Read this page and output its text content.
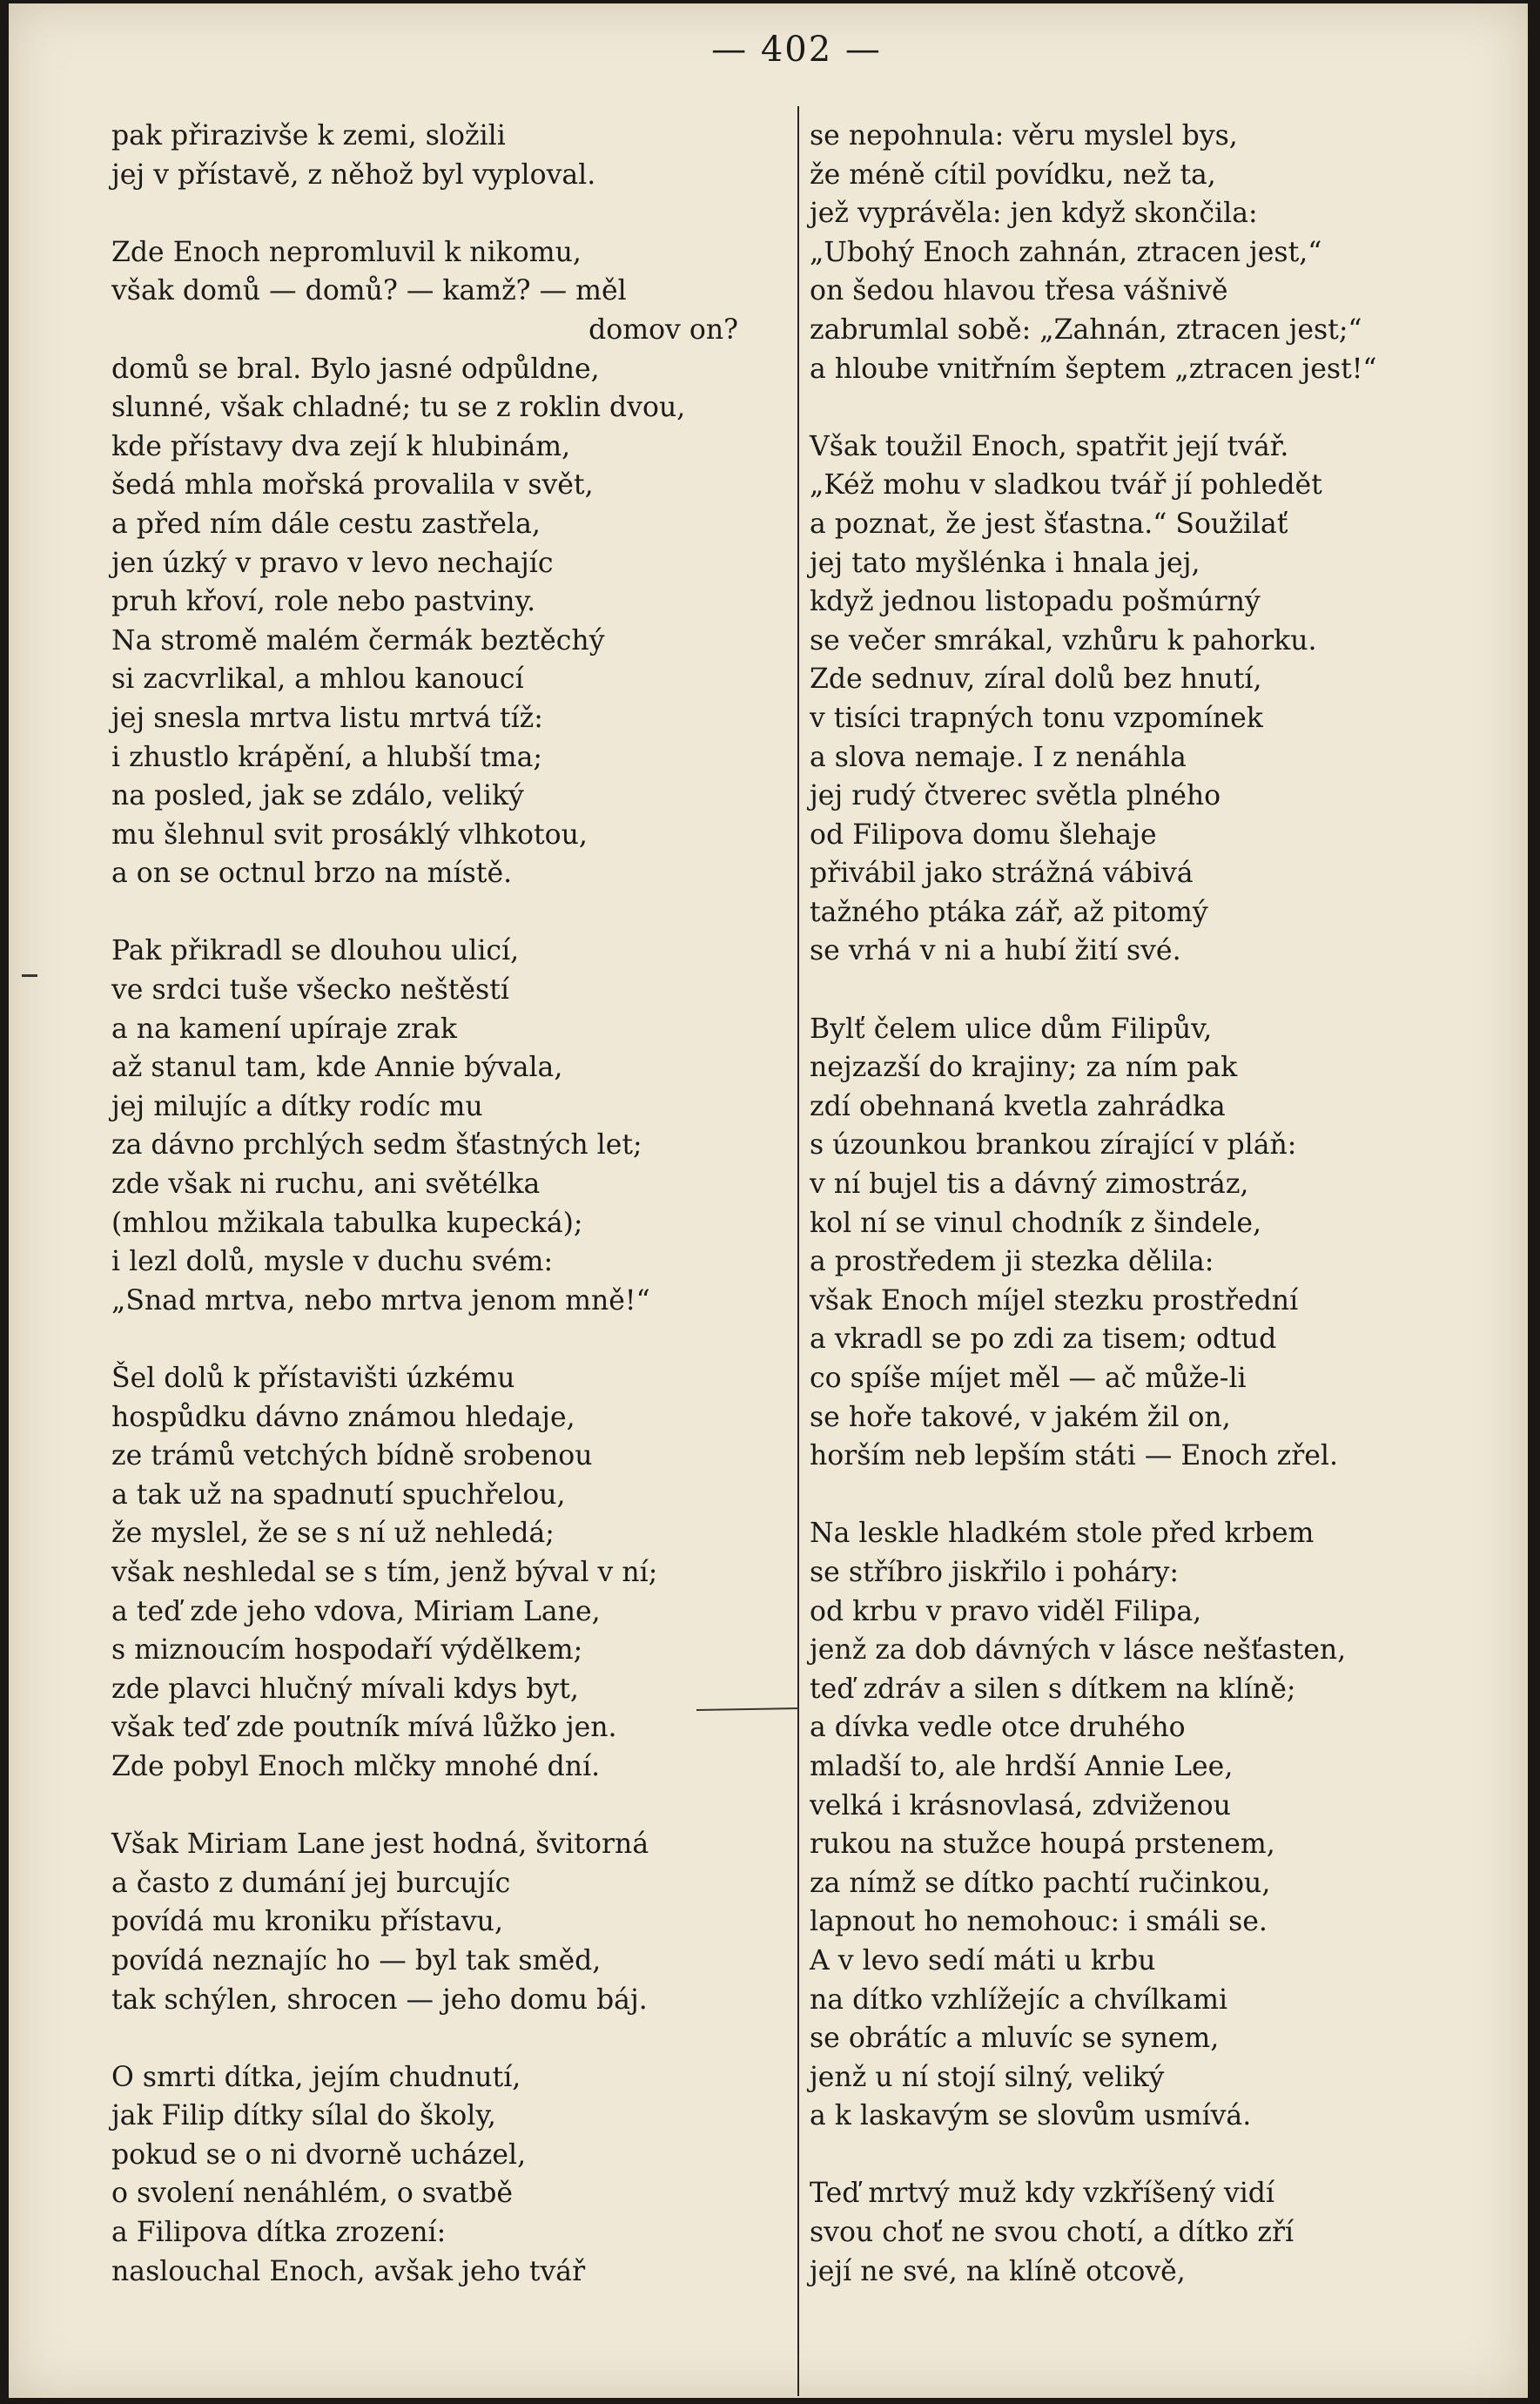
— 402 —
pak přirazivše k zemi, složili
jej v přístavě, z něhož byl vyploval.
Zde Enoch nepromluvil k nikomu,
však domů — domů? — kamž? — měl
domov on?
domů se bral. Bylo jasné odpůldne,
slunné, však chladné; tu se z roklin dvou,
kde přístavy dva zejí k hlubinám,
šedá mhla mořská provalila v svět,
a před ním dále cestu zastřela,
jen úzký v pravo v levo nechajíc
pruh křoví, role nebo pastviny.
Na stromě malém čermák beztěchý
si zacvrlikal, a mhlou kanoucí
jej snesla mrtva listu mrtvá tíž:
i zhustlo krápění, a hlubší tma;
na posled, jak se zdálo, veliký
mu šlehnul svit prosáklý vlhkotou,
a on se octnul brzo na místě.
Pak přikradl se dlouhou ulicí,
ve srdci tuše všecko neštěstí
a na kamení upíraje zrak
až stanul tam, kde Annie bývala,
jej milujíc a dítky rodíc mu
za dávno prchlých sedm šťastných let;
zde však ni ruchu, ani světélka
(mhlou mžikala tabulka kupecká);
i lezl dolů, mysle v duchu svém:
„Snad mrtva, nebo mrtva jenom mně!“
Šel dolů k přístavišti úzkému
hospůdku dávno známou hledaje,
ze trámů vetchých bídně srobenou
a tak už na spadnutí spuchřelou,
že myslel, že se s ní už nehledá;
však neshledal se s tím, jenž býval v ní;
a teď zde jeho vdova, Miriam Lane,
s miznoucím hospodaří výdělkem;
zde plavci hlučný mívali kdys byt,
však teď zde poutník mívá lůžko jen.
Zde pobyl Enoch mlčky mnohé dní.
Však Miriam Lane jest hodná, švitorná
a často z dumání jej burcujíc
povídá mu kroniku přístavu,
povídá neznajíc ho — byl tak směd,
tak schýlen, shrocen — jeho domu báj.
O smrti dítka, jejím chudnutí,
jak Filip dítky sílal do školy,
pokud se o ni dvorně ucházel,
o svolení nenáhlém, o svatbě
a Filipova dítka zrození:
naslouchal Enoch, avšak jeho tvář
se nepohnula: věru myslel bys,
že méně cítil povídku, než ta,
jež vyprávěla: jen když skončila:
„Ubohý Enoch zahnán, ztracen jest,“
on šedou hlavou třesa vášnivě
zabrumlal sobě: „Zahnán, ztracen jest;“
a hloube vnitřním šeptem „ztracen jest!“
Však toužil Enoch, spatřit její tvář.
„Kéž mohu v sladkou tvář jí pohledět
a poznat, že jest šťastna.“ Soužilať
jej tato myšlénka i hnala jej,
když jednou listopadu pošmúrný
se večer smrákal, vzhůru k pahorku.
Zde sednuv, zíral dolů bez hnutí,
v tisíci trapných tonu vzpomínek
a slova nemaje. I z nenáhla
jej rudý čtverec světla plného
od Filipova domu šlehaje
přivábil jako strážná vábivá
tažného ptáka zář, až pitomý
se vrhá v ni a hubí žití své.
Bylť čelem ulice dům Filipův,
nejzazší do krajiny; za ním pak
zdí obehnaná kvetla zahrádka
s úzounkou brankou zírající v pláň:
v ní bujel tis a dávný zimostráz,
kol ní se vinul chodník z šindele,
a prostředem ji stezka dělila:
však Enoch míjel stezku prostřední
a vkradl se po zdi za tisem; odtud
co spíše míjet měl — ač může-li
se hoře takové, v jakém žil on,
horším neb lepším státi — Enoch zřel.
Na leskle hladkém stole před krbem
se stříbro jiskřilo i poháry:
od krbu v pravo viděl Filipa,
jenž za dob dávných v lásce nešťasten,
teď zdráv a silen s dítkem na klíně;
a dívka vedle otce druhého
mladší to, ale hrdší Annie Lee,
velká i krásnovlasá, zdviženou
rukou na stužce houpá prstenem,
za nímž se dítko pachtí ručinkou,
lapnout ho nemohouc: i smáli se.
A v levo sedí máti u krbu
na dítko vzhlížejíc a chvílkami
se obrátíc a mluvíc se synem,
jenž u ní stojí silný, veliký
a k laskavým se slovům usmívá.
Teď mrtvý muž kdy vzkříšený vidí
svou choť ne svou chotí, a dítko zří
její ne své, na klíně otcově,
